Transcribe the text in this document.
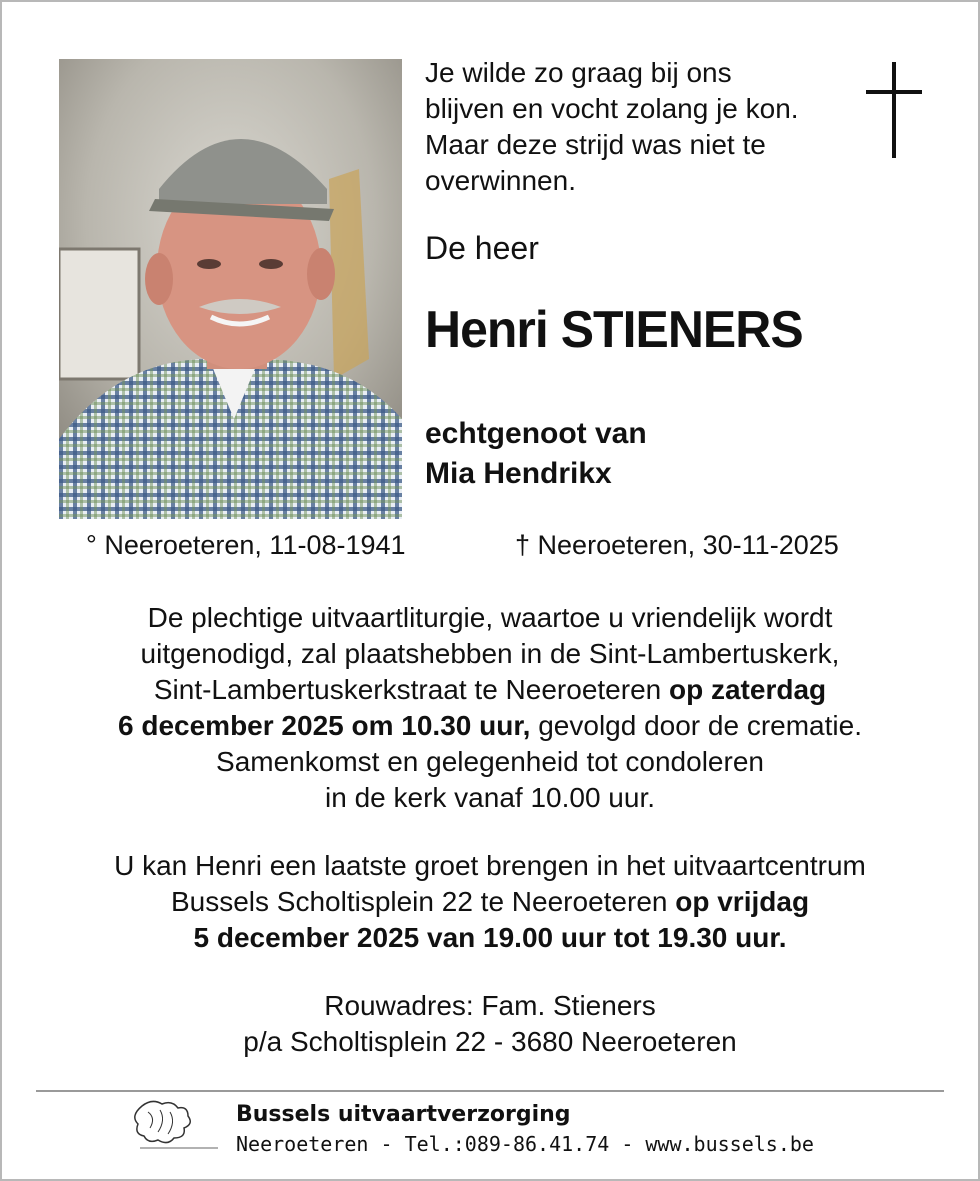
Je wilde zo graag bij ons
blijven en vocht zolang je kon.
Maar deze strijd was niet te
overwinnen.
De heer
Henri STIENERS
echtgenoot van
Mia Hendrikx
° Neeroeteren, 11-08-1941	† Neeroeteren, 30-11-2025
De plechtige uitvaartliturgie, waartoe u vriendelijk wordt
uitgenodigd, zal plaatshebben in de Sint-Lambertuskerk,
Sint-Lambertuskerkstraat te Neeroeteren op zaterdag
6 december 2025 om 10.30 uur, gevolgd door de crematie.
Samenkomst en gelegenheid tot condoleren
in de kerk vanaf 10.00 uur.
U kan Henri een laatste groet brengen in het uitvaartcentrum
Bussels Scholtisplein 22 te Neeroeteren op vrijdag
5 december 2025 van 19.00 uur tot 19.30 uur.
Rouwadres: Fam. Stieners
p/a Scholtisplein 22 - 3680 Neeroeteren
Bussels uitvaartverzorging
Neeroeteren - Tel.:089-86.41.74 - www.bussels.be
